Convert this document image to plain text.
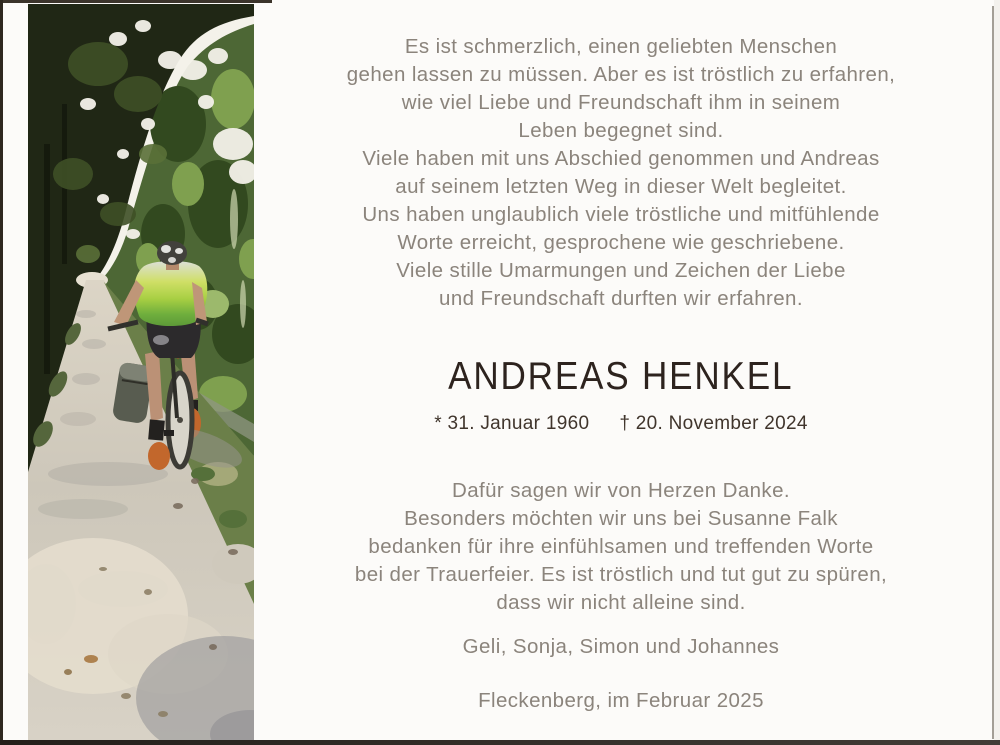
Es ist schmerzlich, einen geliebten Menschen
gehen lassen zu müssen. Aber es ist tröstlich zu erfahren,
wie viel Liebe und Freundschaft ihm in seinem
Leben begegnet sind.
Viele haben mit uns Abschied genommen und Andreas
auf seinem letzten Weg in dieser Welt begleitet.
Uns haben unglaublich viele tröstliche und mitfühlende
Worte erreicht, gesprochene wie geschriebene.
Viele stille Umarmungen und Zeichen der Liebe
und Freundschaft durften wir erfahren.
ANDREAS HENKEL
* 31. Januar 1960 † 20. November 2024
Dafür sagen wir von Herzen Danke.
Besonders möchten wir uns bei Susanne Falk
bedanken für ihre einfühlsamen und treffenden Worte
bei der Trauerfeier. Es ist tröstlich und tut gut zu spüren,
dass wir nicht alleine sind.
Geli, Sonja, Simon und Johannes
Fleckenberg, im Februar 2025
